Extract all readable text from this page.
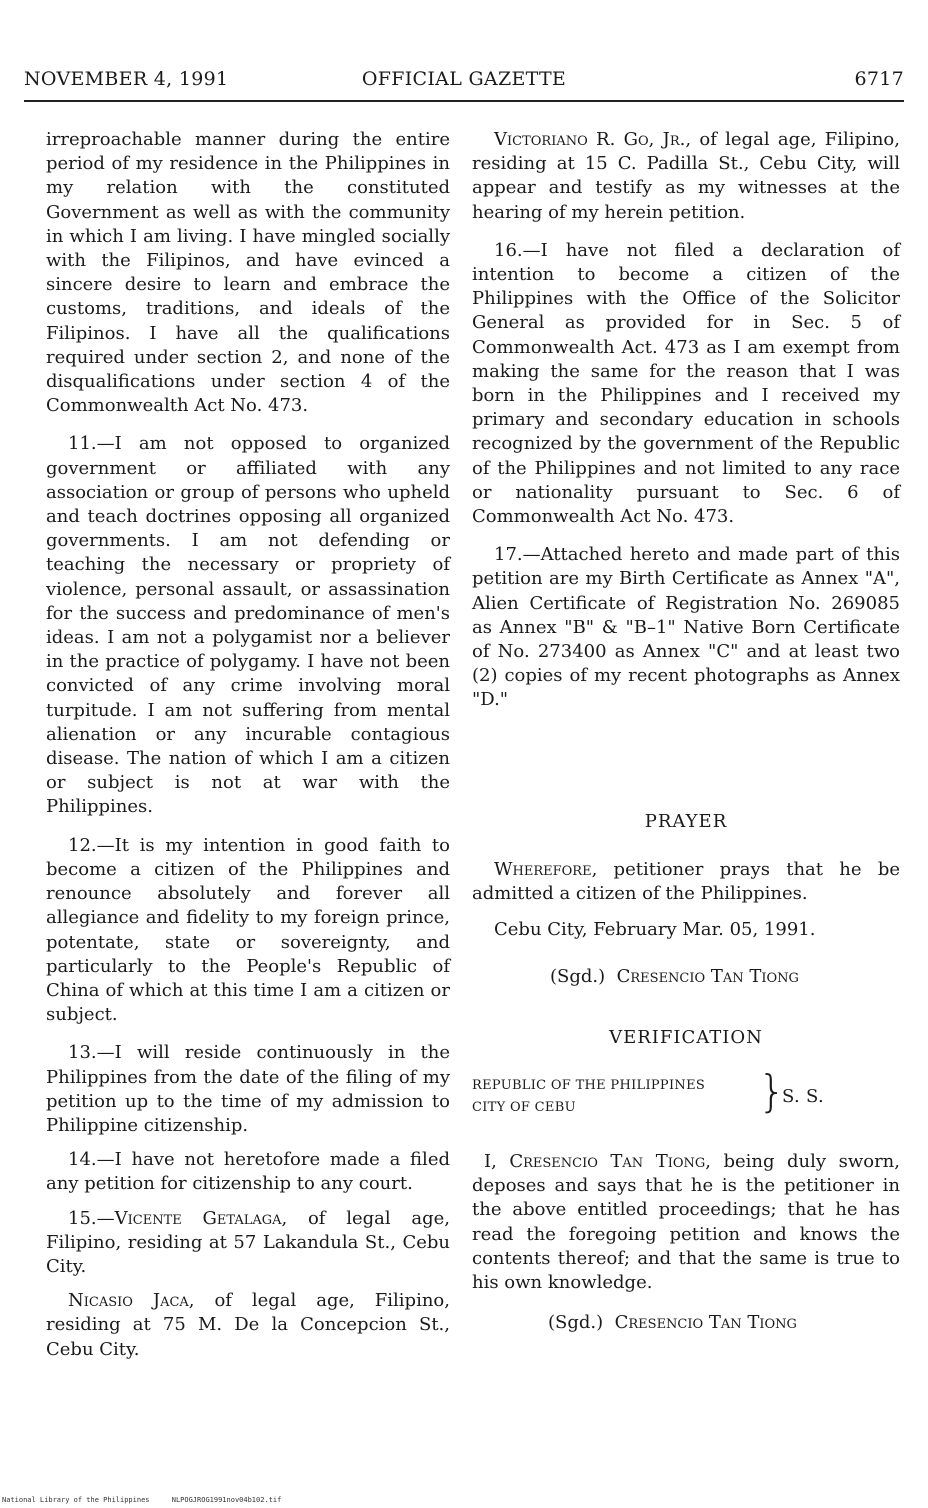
NOVEMBER 4, 1991	OFFICIAL GAZETTE	6717

irreproachable manner during the entire period of my residence in the Philippines in my relation with the constituted Government as well as with the community in which I am living. I have mingled socially with the Filipinos, and have evinced a sincere desire to learn and embrace the customs, traditions, and ideals of the Filipinos. I have all the qualifications required under section 2, and none of the disqualifications under section 4 of the Commonwealth Act No. 473.

11.—I am not opposed to organized government or affiliated with any association or group of persons who upheld and teach doctrines opposing all organized governments. I am not defending or teaching the necessary or propriety of violence, personal assault, or assassination for the success and predominance of men's ideas. I am not a polygamist nor a believer in the practice of polygamy. I have not been convicted of any crime involving moral turpitude. I am not suffering from mental alienation or any incurable contagious disease. The nation of which I am a citizen or subject is not at war with the Philippines.

12.—It is my intention in good faith to become a citizen of the Philippines and renounce absolutely and forever all allegiance and fidelity to my foreign prince, potentate, state or sovereignty, and particularly to the People's Republic of China of which at this time I am a citizen or subject.

13.—I will reside continuously in the Philippines from the date of the filing of my petition up to the time of my admission to Philippine citizenship.

14.—I have not heretofore made a filed any petition for citizenship to any court.

15.—Vicente Getalaga, of legal age, Filipino, residing at 57 Lakandula St., Cebu City.

Nicasio Jaca, of legal age, Filipino, residing at 75 M. De la Concepcion St., Cebu City.

Victoriano R. Go, Jr., of legal age, Filipino, residing at 15 C. Padilla St., Cebu City, will appear and testify as my witnesses at the hearing of my herein petition.

16.—I have not filed a declaration of intention to become a citizen of the Philippines with the Office of the Solicitor General as provided for in Sec. 5 of Commonwealth Act. 473 as I am exempt from making the same for the reason that I was born in the Philippines and I received my primary and secondary education in schools recognized by the government of the Republic of the Philippines and not limited to any race or nationality pursuant to Sec. 6 of Commonwealth Act No. 473.

17.—Attached hereto and made part of this petition are my Birth Certificate as Annex "A", Alien Certificate of Registration No. 269085 as Annex "B" & "B–1" Native Born Certificate of No. 273400 as Annex "C" and at least two (2) copies of my recent photographs as Annex "D."

PRAYER

Wherefore, petitioner prays that he be admitted a citizen of the Philippines.
Cebu City, February Mar. 05, 1991.
(Sgd.) Cresencio Tan Tiong

VERIFICATION

REPUBLIC OF THE PHILIPPINES
CITY OF CEBU	}
S. S.
I, Cresencio Tan Tiong, being duly sworn, deposes and says that he is the petitioner in the above entitled proceedings; that he has read the foregoing petition and knows the contents thereof; and that the same is true to his own knowledge.
(Sgd.) Cresencio Tan Tiong
National Library of the Philippines	NLPOGJROG1991nov04b102.tif
